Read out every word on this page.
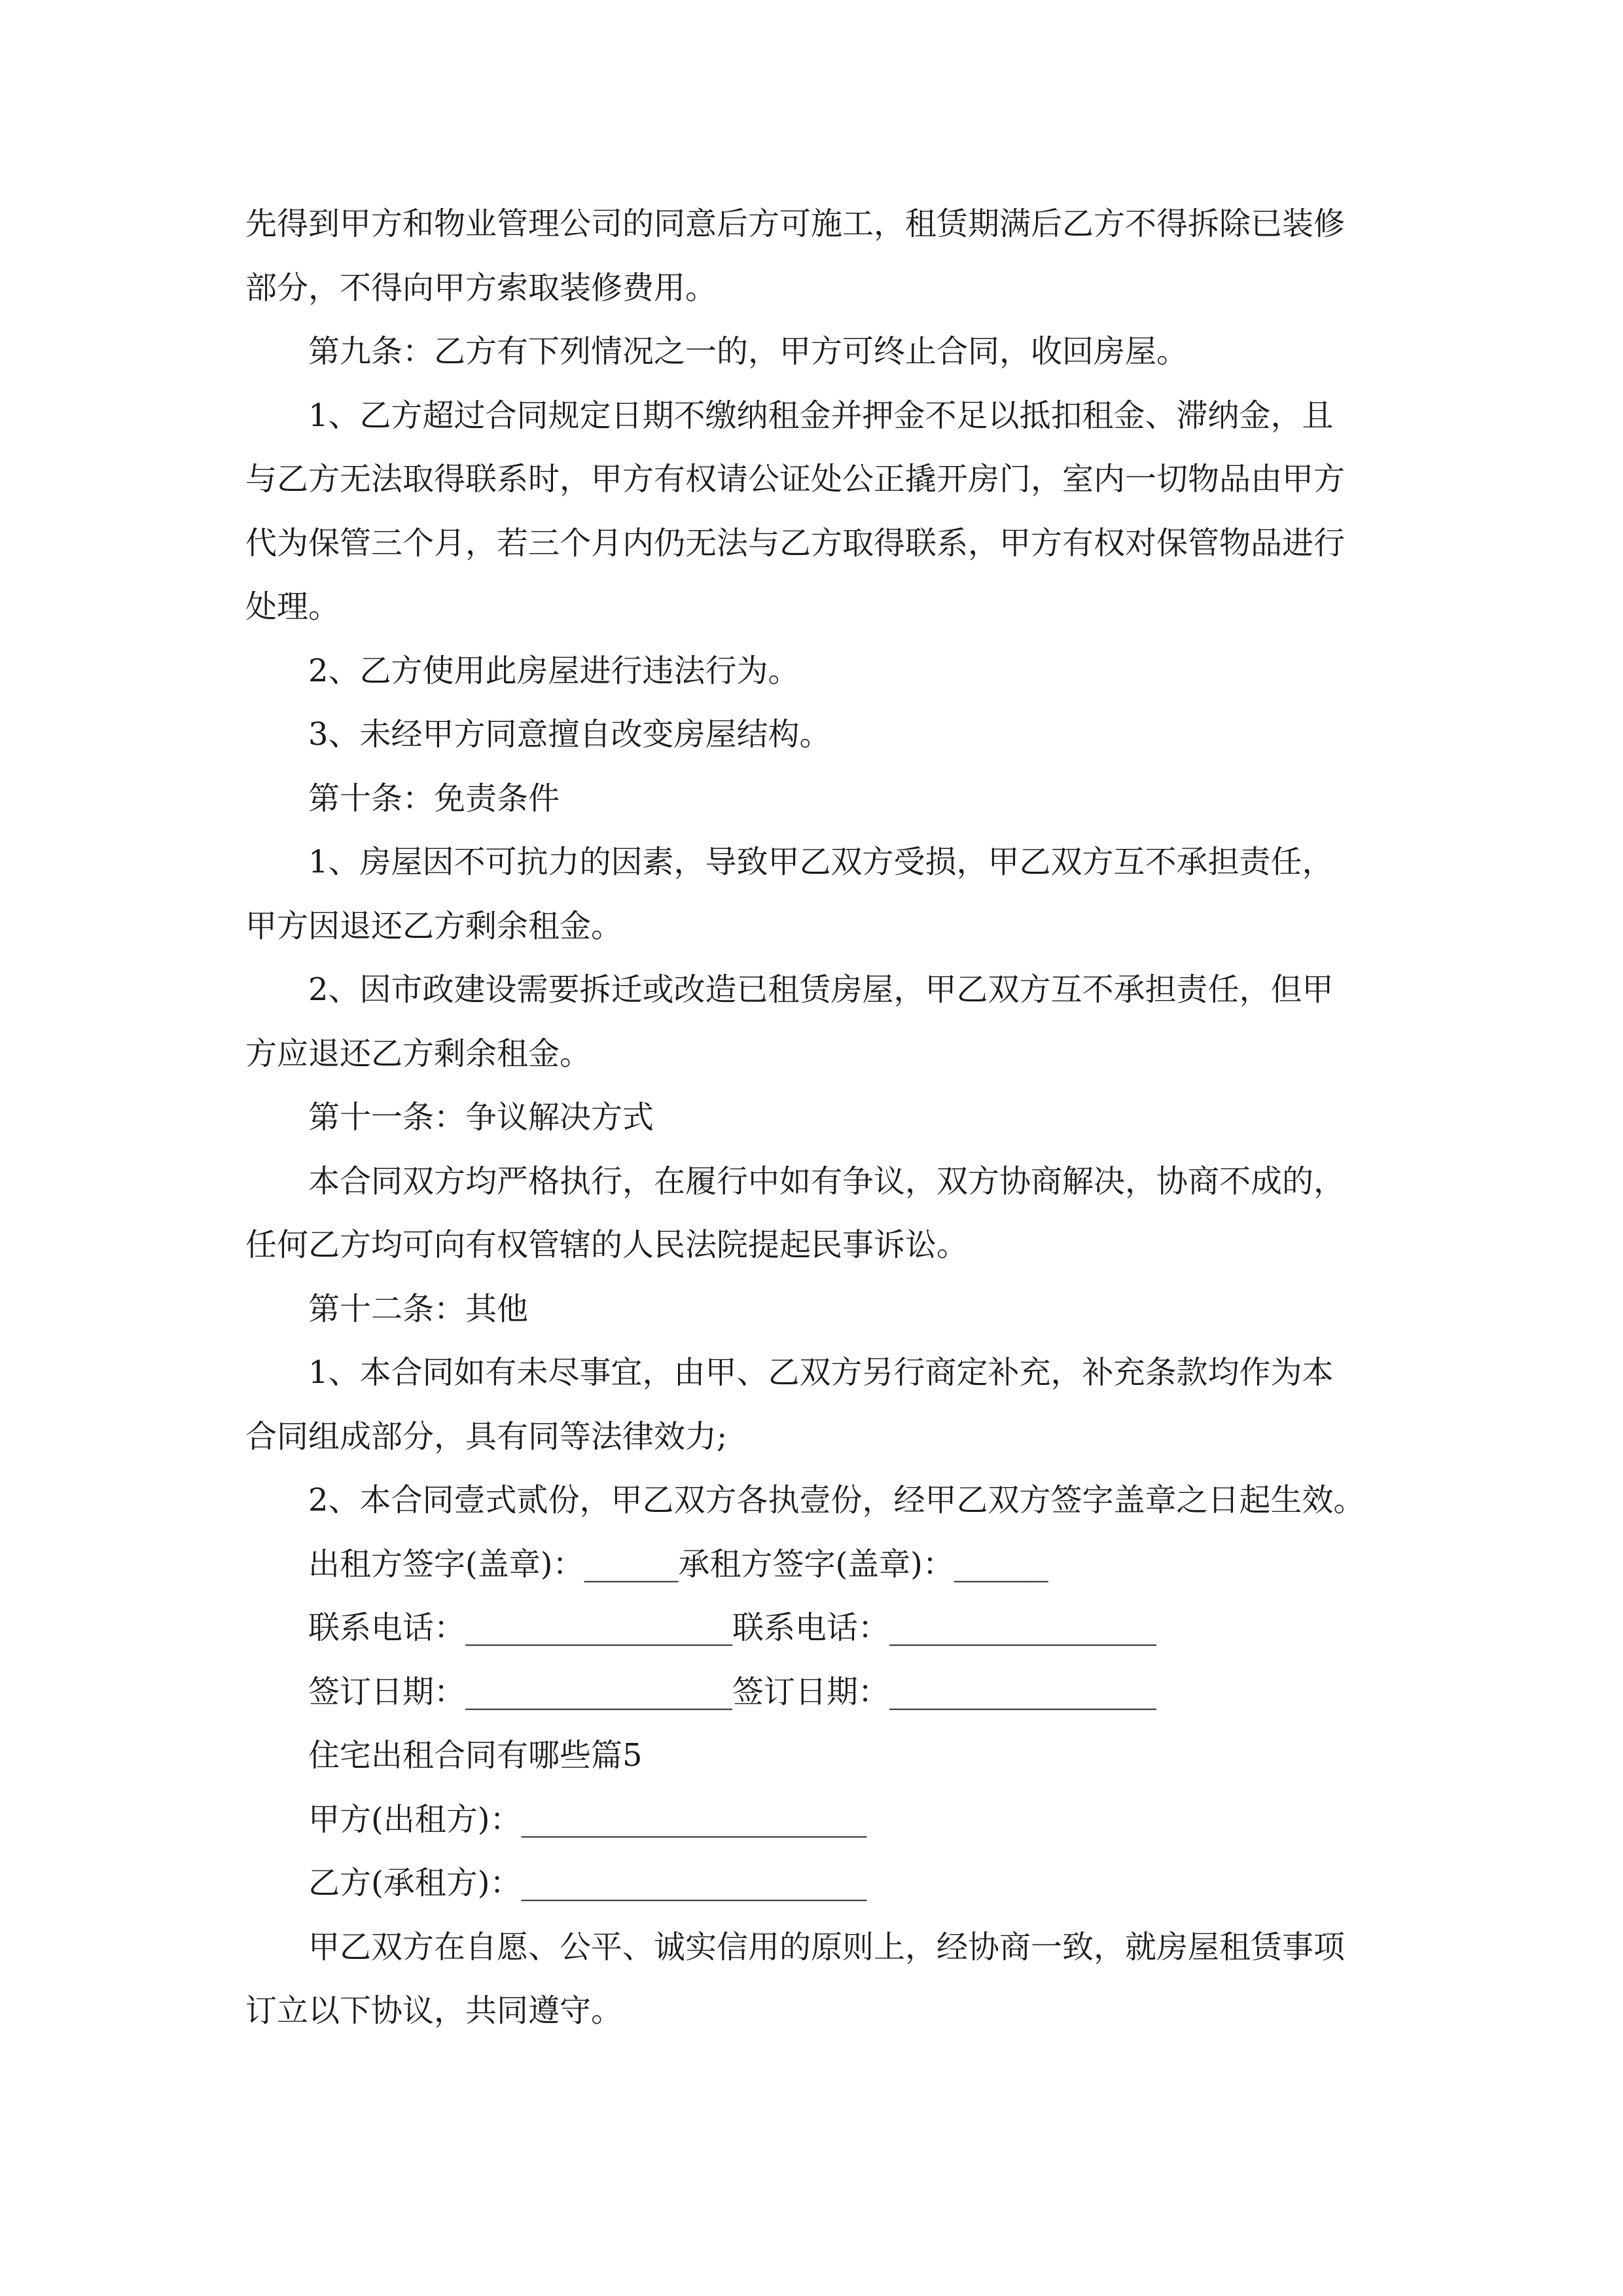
先得到甲方和物业管理公司的同意后方可施工，租赁期满后乙方不得拆除已装修
部分，不得向甲方索取装修费用。
第九条：乙方有下列情况之一的，甲方可终止合同，收回房屋。
1、乙方超过合同规定日期不缴纳租金并押金不足以抵扣租金、滞纳金，且
与乙方无法取得联系时，甲方有权请公证处公正撬开房门，室内一切物品由甲方
代为保管三个月，若三个月内仍无法与乙方取得联系，甲方有权对保管物品进行
处理。
2、乙方使用此房屋进行违法行为。
3、未经甲方同意擅自改变房屋结构。
第十条：免责条件
1、房屋因不可抗力的因素，导致甲乙双方受损，甲乙双方互不承担责任，
甲方因退还乙方剩余租金。
2、因市政建设需要拆迁或改造已租赁房屋，甲乙双方互不承担责任，但甲
方应退还乙方剩余租金。
第十一条：争议解决方式
本合同双方均严格执行，在履行中如有争议，双方协商解决，协商不成的，
任何乙方均可向有权管辖的人民法院提起民事诉讼。
第十二条：其他
1、本合同如有未尽事宜，由甲、乙双方另行商定补充，补充条款均作为本
合同组成部分，具有同等法律效力;
2、本合同壹式贰份，甲乙双方各执壹份，经甲乙双方签字盖章之日起生效。
出租方签字(盖章)：______承租方签字(盖章)：______
联系电话：_________________联系电话：_________________
签订日期：_________________签订日期：_________________
住宅出租合同有哪些篇5
甲方(出租方)：______________________
乙方(承租方)：______________________
甲乙双方在自愿、公平、诚实信用的原则上，经协商一致，就房屋租赁事项
订立以下协议，共同遵守。
